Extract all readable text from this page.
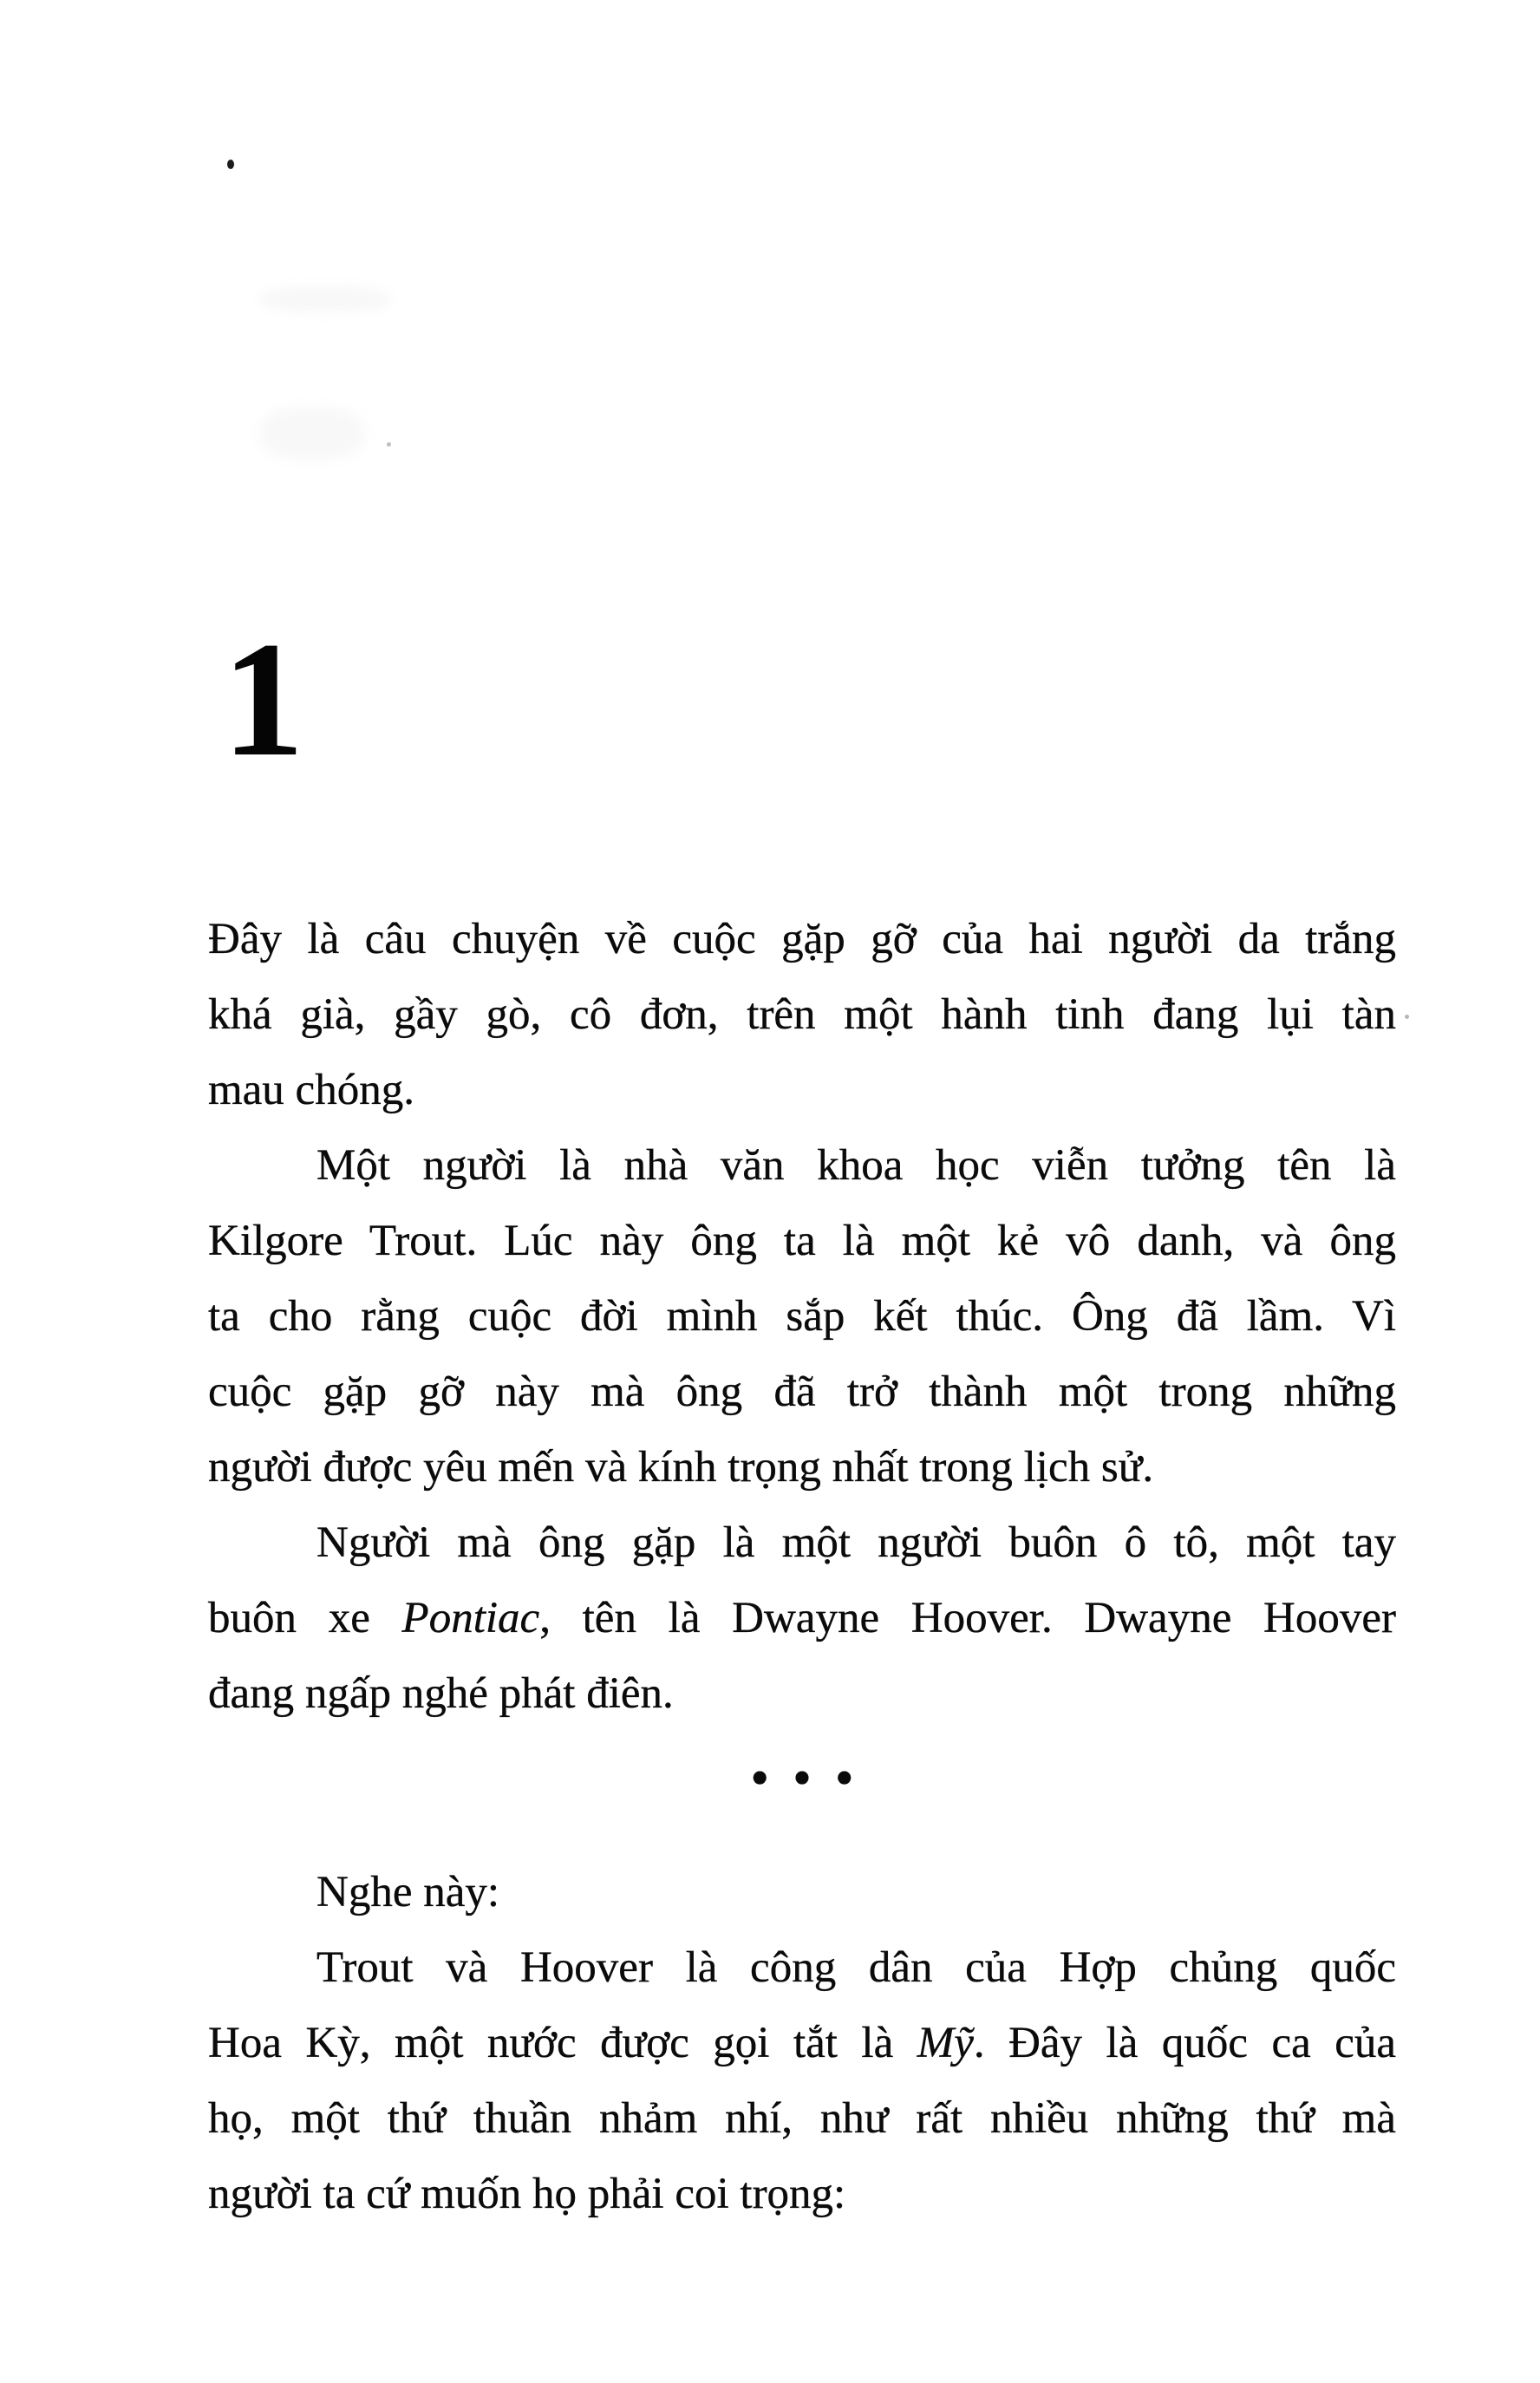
1
Đây là câu chuyện về cuộc gặp gỡ của hai người da trắng
khá già, gầy gò, cô đơn, trên một hành tinh đang lụi tàn
mau chóng.
Một người là nhà văn khoa học viễn tưởng tên là
Kilgore Trout. Lúc này ông ta là một kẻ vô danh, và ông
ta cho rằng cuộc đời mình sắp kết thúc. Ông đã lầm. Vì
cuộc gặp gỡ này mà ông đã trở thành một trong những
người được yêu mến và kính trọng nhất trong lịch sử.
Người mà ông gặp là một người buôn ô tô, một tay
buôn xe Pontiac, tên là Dwayne Hoover. Dwayne Hoover
đang ngấp nghé phát điên.
• • •
Nghe này:
Trout và Hoover là công dân của Hợp chủng quốc
Hoa Kỳ, một nước được gọi tắt là Mỹ. Đây là quốc ca của
họ, một thứ thuần nhảm nhí, như rất nhiều những thứ mà
người ta cứ muốn họ phải coi trọng:
